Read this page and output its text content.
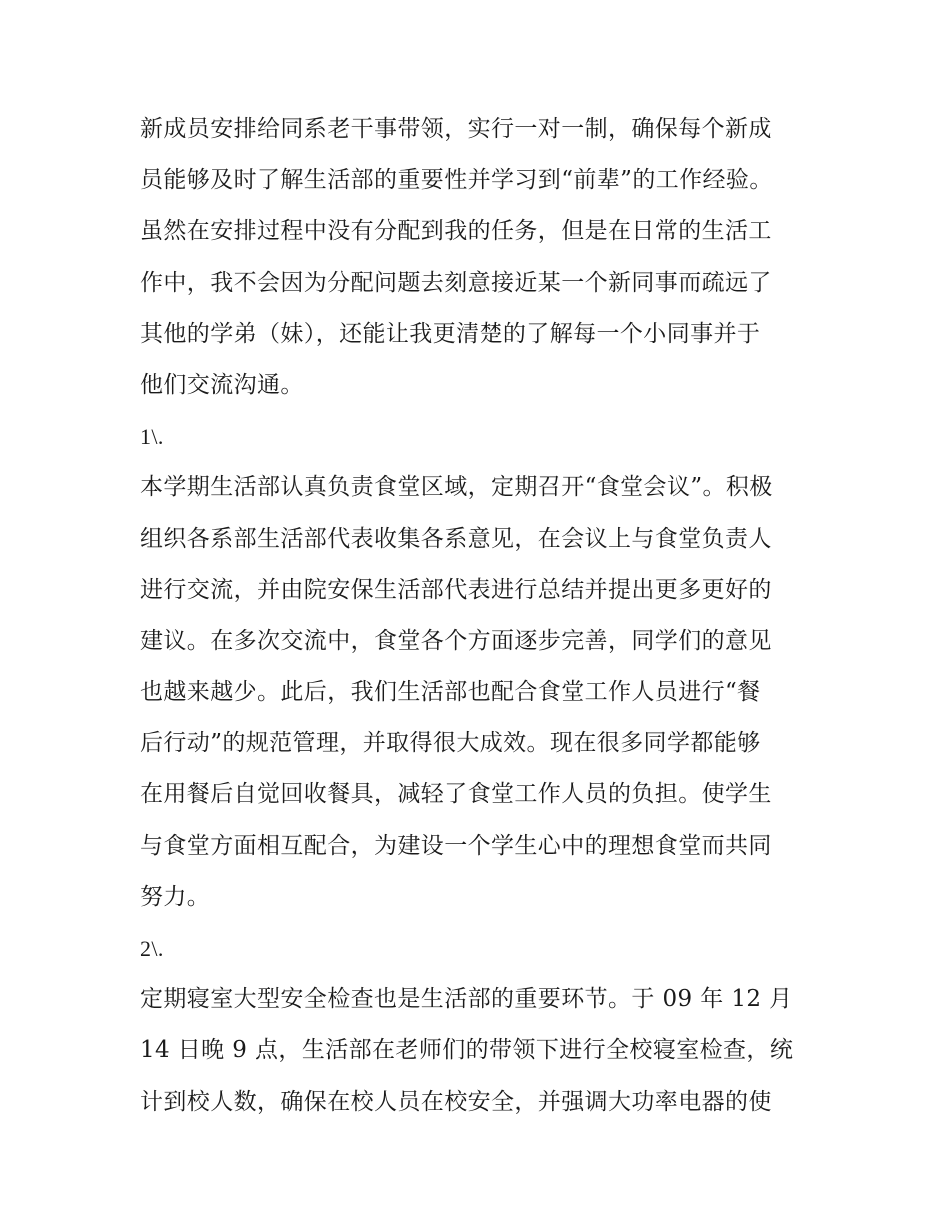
新成员安排给同系老干事带领，实行一对一制，确保每个新成
员能够及时了解生活部的重要性并学习到“前辈”的工作经验。
虽然在安排过程中没有分配到我的任务，但是在日常的生活工
作中，我不会因为分配问题去刻意接近某一个新同事而疏远了
其他的学弟（妹），还能让我更清楚的了解每一个小同事并于
他们交流沟通。
1\.
本学期生活部认真负责食堂区域，定期召开“食堂会议”。积极
组织各系部生活部代表收集各系意见，在会议上与食堂负责人
进行交流，并由院安保生活部代表进行总结并提出更多更好的
建议。在多次交流中，食堂各个方面逐步完善，同学们的意见
也越来越少。此后，我们生活部也配合食堂工作人员进行“餐
后行动”的规范管理，并取得很大成效。现在很多同学都能够
在用餐后自觉回收餐具，减轻了食堂工作人员的负担。使学生
与食堂方面相互配合，为建设一个学生心中的理想食堂而共同
努力。
2\.
定期寝室大型安全检查也是生活部的重要环节。于 09 年 12 月
14 日晚 9 点，生活部在老师们的带领下进行全校寝室检查，统
计到校人数，确保在校人员在校安全，并强调大功率电器的使
